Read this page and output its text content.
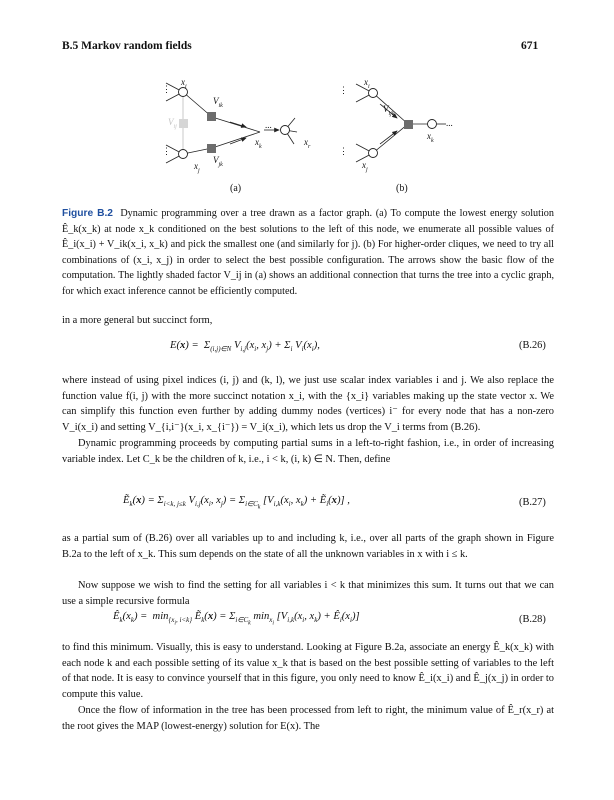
B.5 Markov random fields	671
$x_i$
$V_{ik}$
$V_{ij}$
$V_{jk}$
$x_j$
$x_k$	$x_r$
...
⋮
⋮
$x_i$
$V_{ijk}$
$x_j$
$x_k$
...
⋮
⋮
(a)	(b)
Figure B.2 Dynamic programming over a tree drawn as a factor graph. (a) To compute the lowest energy solution Ê_k(x_k) at node x_k conditioned on the best solutions to the left of this node, we enumerate all possible values of Ê_i(x_i) + V_ik(x_i, x_k) and pick the smallest one (and similarly for j). (b) For higher-order cliques, we need to try all combinations of (x_i, x_j) in order to select the best possible configuration. The arrows show the basic flow of the computation. The lightly shaded factor V_ij in (a) shows an additional connection that turns the tree into a cyclic graph, for which exact inference cannot be efficiently computed.
in a more general but succinct form,
$E(x) = \Sigma_{(i,j)\in N}$ $V_{i,j}(x_i$, $x_j) + \Sigma_i$ $V_i(x_i)$,	(B.26)
where instead of using pixel indices (i, j) and (k, l), we just use scalar index variables i and j. We also replace the function value f(i, j) with the more succinct notation x_i, with the {x_i} variables making up the state vector x. We can simplify this function even further by adding dummy nodes (vertices) i⁻ for every node that has a non-zero V_i(x_i) and setting V_{i,i⁻}(x_i, x_{i⁻}) = V_i(x_i), which lets us drop the V_i terms from (B.26).
Dynamic programming proceeds by computing partial sums in a left-to-right fashion, i.e., in order of increasing variable index. Let C_k be the children of k, i.e., i < k, (i, k) ∈ N. Then, define
Ẽ$_k$(x) = $\Sigma_{i<k, j\le k}$ $V_{i,j}(x_i$, $x_j) = \Sigma_{i\in C_k}$ [$V_{i,k}(x_i$, $x_k$) + Ẽ$_i$(x)] ,	(B.27)
as a partial sum of (B.26) over all variables up to and including k, i.e., over all parts of the graph shown in Figure B.2a to the left of x_k. This sum depends on the state of all the unknown variables in x with i ≤ k.
Now suppose we wish to find the setting for all variables i < k that minimizes this sum. It turns out that we can use a simple recursive formula
$Ê_k(x_k) = \min_{\{x_i, i<k\}}$ Ẽ$_k$(x) = $\Sigma_{i\in C_k}$ $\min_{x_i} [V_{i,k}(x_i$, $x_k$) + $Ê_i(x_i)$]	(B.28)
to find this minimum. Visually, this is easy to understand. Looking at Figure B.2a, associate an energy Ê_k(x_k) with each node k and each possible setting of its value x_k that is based on the best possible setting of variables to the left of that node. It is easy to convince yourself that in this figure, you only need to know Ê_i(x_i) and Ê_j(x_j) in order to compute this value.
Once the flow of information in the tree has been processed from left to right, the minimum value of Ê_r(x_r) at the root gives the MAP (lowest-energy) solution for E(x). The
